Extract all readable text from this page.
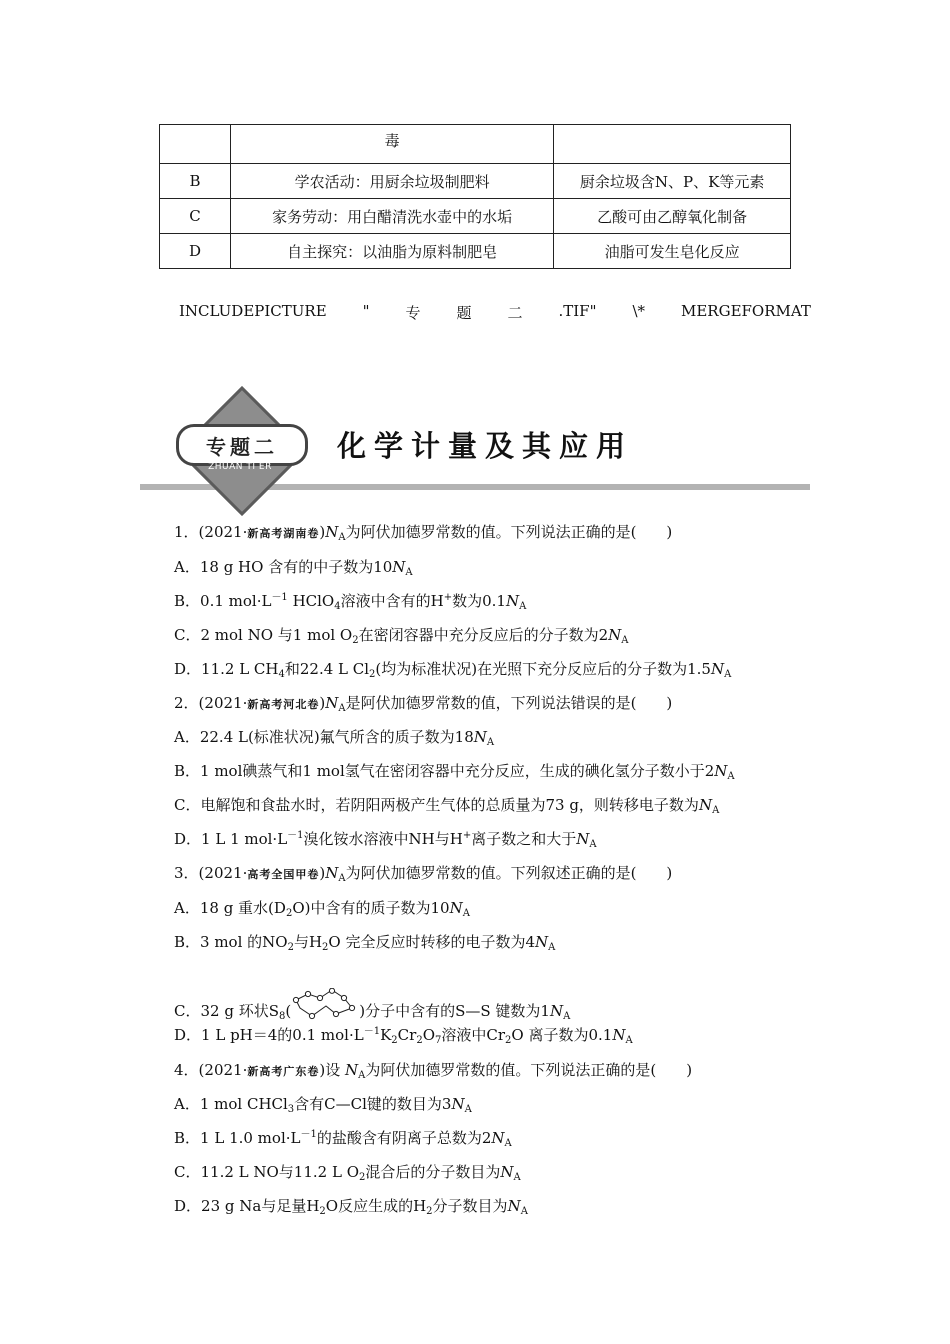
	毒	
B	学农活动：用厨余垃圾制肥料	厨余垃圾含N、P、K等元素
C	家务劳动：用白醋清洗水壶中的水垢	乙酸可由乙醇氧化制备
D	自主探究：以油脂为原料制肥皂	油脂可发生皂化反应
INCLUDEPICTURE " 专 题 二 .TIF" \* MERGEFORMAT
专题二
ZHUAN TI ER
化学计量及其应用
1．(2021·新高考湖南卷)$N_A$为阿伏加德罗常数的值。下列说法正确的是(　　)
A．18 g HO 含有的中子数为$10N_A$
B．0.1 $mol\cdot L^{-1}$ HClO$_4$溶液中含有的H+数为$0.1N_A$
C．2 mol NO 与1 mol $O_2$在密闭容器中充分反应后的分子数为$2N_A$
D．11.2 L $CH_4$和22.4 L $Cl_2$(均为标准状况)在光照下充分反应后的分子数为$1.5N_A$
2．(2021·新高考河北卷)$N_A$是阿伏加德罗常数的值，下列说法错误的是(　　)
A．22.4 L(标准状况)氟气所含的质子数为$18N_A$
B．1 mol碘蒸气和1 mol氢气在密闭容器中充分反应，生成的碘化氢分子数小于$2N_A$
C．电解饱和食盐水时，若阴阳两极产生气体的总质量为73 g，则转移电子数为$N_A$
D．1 L 1 $mol\cdot L^{-1}$溴化铵水溶液中NH与H+离子数之和大于$N_A$
3．(2021·高考全国甲卷)$N_A$为阿伏加德罗常数的值。下列叙述正确的是(　　)
A．18 g 重水$(D_2O)$中含有的质子数为$10N_A$
B．3 mol 的$NO_2$与$H_2O$ 完全反应时转移的电子数为$4N_A$
C．32 g 环状$S_8$(	)分子中含有的S—S 键数为$1N_A$
D．1 L pH＝4的0.1 $mol\cdot L^{-1}K_2Cr_2O_7$溶液中$Cr_2O$ 离子数为$0.1N_A$
4．(2021·新高考广东卷)设 $N_A$为阿伏加德罗常数的值。下列说法正确的是(　　)
A．1 mol CHCl$_3$含有C—Cl键的数目为$3N_A$
B．1 L 1.0 $mol\cdot L^{-1}$的盐酸含有阴离子总数为$2N_A$
C．11.2 L NO与11.2 L $O_2$混合后的分子数目为$N_A$
D．23 g Na与足量$H_2O$反应生成的$H_2$分子数目为$N_A$
